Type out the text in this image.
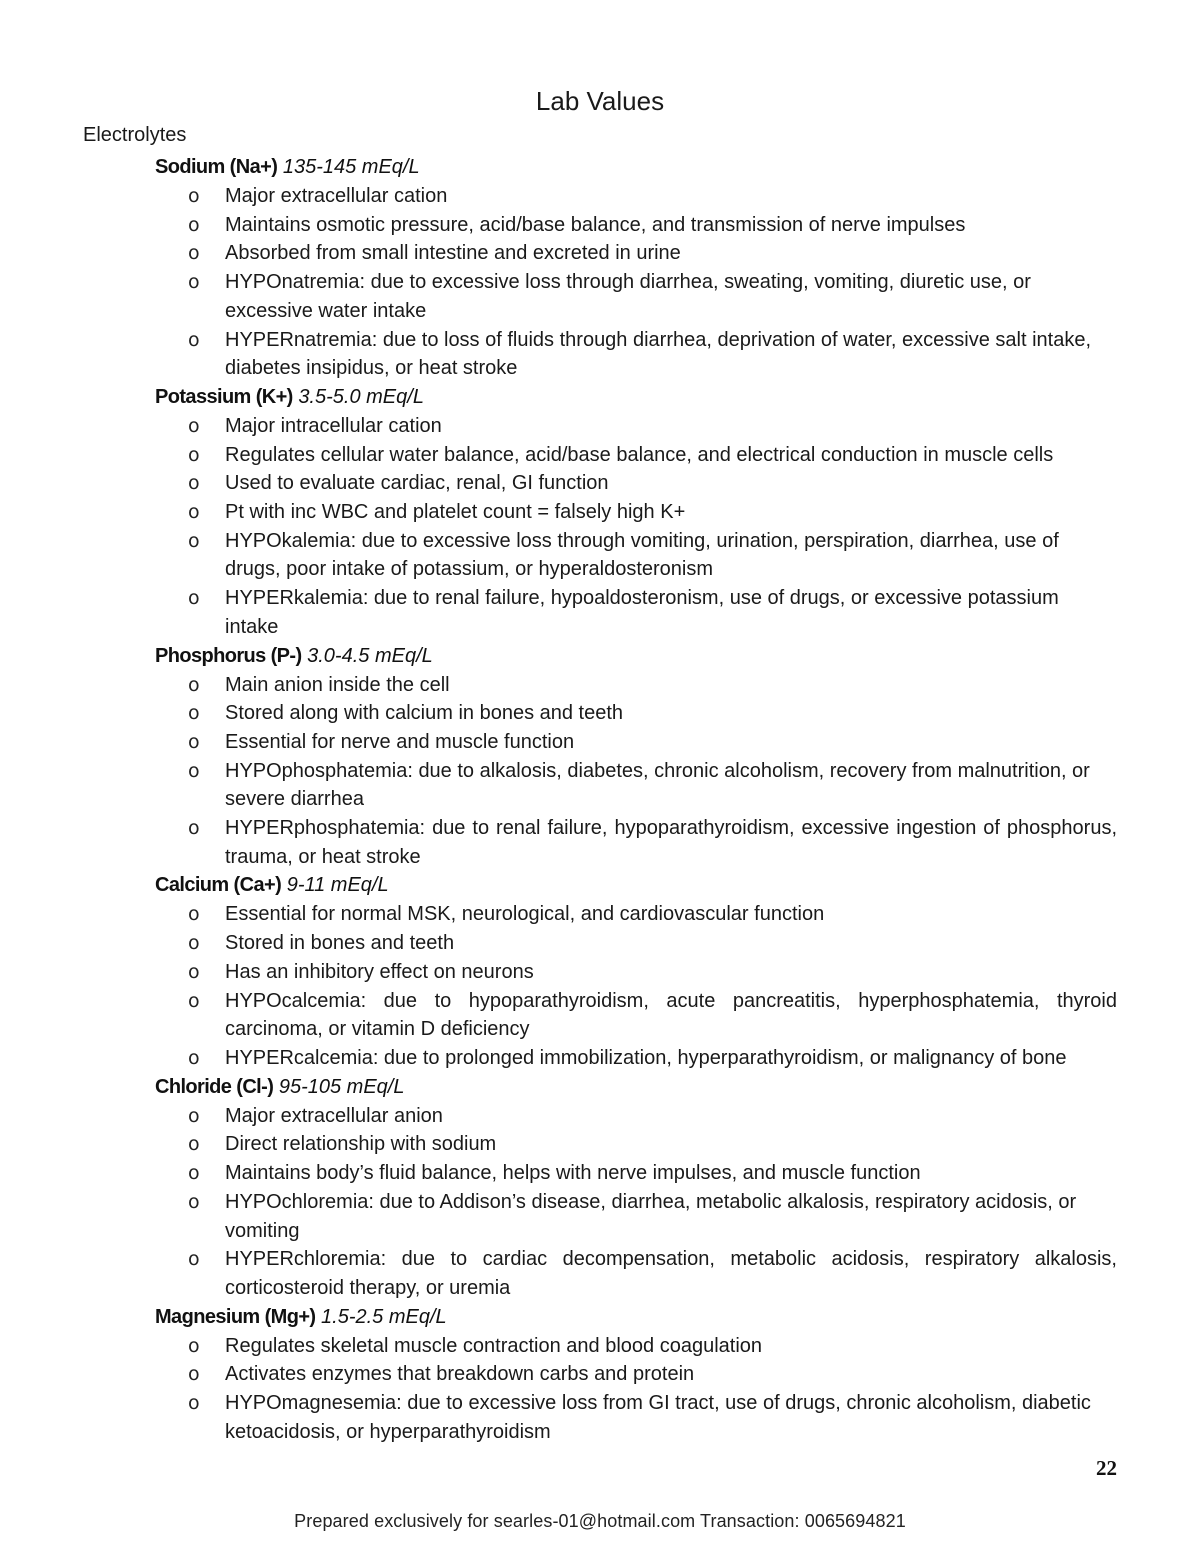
Lab Values
Electrolytes
Sodium (Na+) 135-145 mEq/L
o Major extracellular cation
o Maintains osmotic pressure, acid/base balance, and transmission of nerve impulses
o Absorbed from small intestine and excreted in urine
o HYPOnatremia: due to excessive loss through diarrhea, sweating, vomiting, diuretic use, or excessive water intake
o HYPERnatremia: due to loss of fluids through diarrhea, deprivation of water, excessive salt intake, diabetes insipidus, or heat stroke
Potassium (K+) 3.5-5.0 mEq/L
o Major intracellular cation
o Regulates cellular water balance, acid/base balance, and electrical conduction in muscle cells
o Used to evaluate cardiac, renal, GI function
o Pt with inc WBC and platelet count = falsely high K+
o HYPOkalemia: due to excessive loss through vomiting, urination, perspiration, diarrhea, use of drugs, poor intake of potassium, or hyperaldosteronism
o HYPERkalemia: due to renal failure, hypoaldosteronism, use of drugs, or excessive potassium intake
Phosphorus (P-) 3.0-4.5 mEq/L
o Main anion inside the cell
o Stored along with calcium in bones and teeth
o Essential for nerve and muscle function
o HYPOphosphatemia: due to alkalosis, diabetes, chronic alcoholism, recovery from malnutrition, or severe diarrhea
o HYPERphosphatemia: due to renal failure, hypoparathyroidism, excessive ingestion of phosphorus, trauma, or heat stroke
Calcium (Ca+) 9-11 mEq/L
o Essential for normal MSK, neurological, and cardiovascular function
o Stored in bones and teeth
o Has an inhibitory effect on neurons
o HYPOcalcemia: due to hypoparathyroidism, acute pancreatitis, hyperphosphatemia, thyroid carcinoma, or vitamin D deficiency
o HYPERcalcemia: due to prolonged immobilization, hyperparathyroidism, or malignancy of bone
Chloride (Cl-) 95-105 mEq/L
o Major extracellular anion
o Direct relationship with sodium
o Maintains body’s fluid balance, helps with nerve impulses, and muscle function
o HYPOchloremia: due to Addison’s disease, diarrhea, metabolic alkalosis, respiratory acidosis, or vomiting
o HYPERchloremia: due to cardiac decompensation, metabolic acidosis, respiratory alkalosis, corticosteroid therapy, or uremia
Magnesium (Mg+) 1.5-2.5 mEq/L
o Regulates skeletal muscle contraction and blood coagulation
o Activates enzymes that breakdown carbs and protein
o HYPOmagnesemia: due to excessive loss from GI tract, use of drugs, chronic alcoholism, diabetic ketoacidosis, or hyperparathyroidism
22
Prepared exclusively for searles-01@hotmail.com Transaction: 0065694821
